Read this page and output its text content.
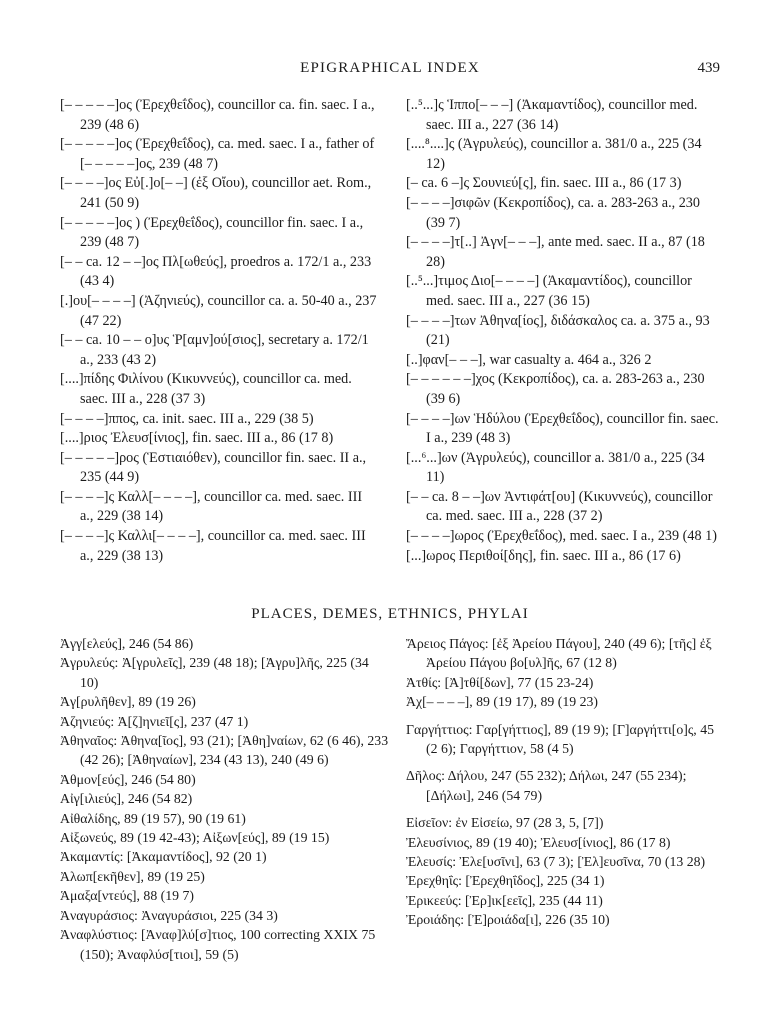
EPIGRAPHICAL INDEX	439

[– – – – –]ος (Ἐρεχθεΐδος), councillor ca. fin. saec. I a., 239 (48 6)

[– – – – –]ος (Ἐρεχθεΐδος), ca. med. saec. I a., father of [– – – – –]ος, 239 (48 7)

[– – – –]ος Εὐ[.]ο[– –] (ἐξ Οἴου), councillor aet. Rom., 241 (50 9)

[– – – – –]ος ) (Ἐρεχθεΐδος), councillor fin. saec. I a., 239 (48 7)

[– – ca. 12 – –]ος Πλ[ωθεύς], proedros a. 172/1 a., 233 (43 4)

[.]ου[– – – –] (Ἀζηνιεύς), councillor ca. a. 50-40 a., 237 (47 22)

[– – ca. 10 – – ο]υς Ῥ[αμν]ού[σιος], secretary a. 172/1 a., 233 (43 2)

[....]πίδης Φιλίνου (Κικυννεύς), councillor ca. med. saec. III a., 228 (37 3)

[– – – –]ππος, ca. init. saec. III a., 229 (38 5)

[....]ριος Ἐλευσ[ίνιος], fin. saec. III a., 86 (17 8)

[– – – – –]ρος (Ἑστιαιόθεν), councillor fin. saec. II a., 235 (44 9)

[– – – –]ς Καλλ[– – – –], councillor ca. med. saec. III a., 229 (38 14)

[– – – –]ς Καλλι[– – – –], councillor ca. med. saec. III a., 229 (38 13)

[..⁵...]ς Ἱππο[– – –] (Ἀκαμαντίδος), councillor med. saec. III a., 227 (36 14)

[....⁸....]ς (Ἀγρυλεύς), councillor a. 381/0 a., 225 (34 12)

[– ca. 6 –]ς Σουνιεύ[ς], fin. saec. III a., 86 (17 3)

[– – – –]σιφῶν (Κεκροπίδος), ca. a. 283-263 a., 230 (39 7)

[– – – –]τ[..] Ἀγν[– – –], ante med. saec. II a., 87 (18 28)

[..⁵...]τιμος Διο[– – – –] (Ἀκαμαντίδος), councillor med. saec. III a., 227 (36 15)

[– – – –]των Ἀθηνα[ίος], διδάσκαλος ca. a. 375 a., 93 (21)

[..]φαν[– – –], war casualty a. 464 a., 326 2

[– – – – – –]χος (Κεκροπίδος), ca. a. 283-263 a., 230 (39 6)

[– – – –]ων Ἡδύλου (Ἐρεχθεΐδος), councillor fin. saec. I a., 239 (48 3)

[...⁶...]ων (Ἀγρυλεύς), councillor a. 381/0 a., 225 (34 11)

[– – ca. 8 – –]ων Ἀντιφάτ[ου] (Κικυννεύς), councillor ca. med. saec. III a., 228 (37 2)

[– – – –]ωρος (Ἐρεχθεΐδος), med. saec. I a., 239 (48 1)

[...]ωρος Περιθοί[δης], fin. saec. III a., 86 (17 6)

PLACES, DEMES, ETHNICS, PHYLAI

Ἀγγ[ελεύς], 246 (54 86)

Ἀγρυλεύς: Ἀ[γρυλεῖς], 239 (48 18); [Ἀγρυ]λῆς, 225 (34 10)

Ἀγ[ρυλῆθεν], 89 (19 26)

Ἀζηνιεύς: Ἀ[ζ]ηνιεῖ[ς], 237 (47 1)

Ἀθηναῖος: Ἀθηνα[ῖος], 93 (21); [Ἀθη]ναίων, 62 (6 46), 233 (42 26); [Ἀθηναίων], 234 (43 13), 240 (49 6)

Ἀθμον[εύς], 246 (54 80)

Αἰγ[ιλιεύς], 246 (54 82)

Αἰθαλίδης, 89 (19 57), 90 (19 61)

Αἰξωνεύς, 89 (19 42-43); Αἰξων[εύς], 89 (19 15)

Ἀκαμαντίς: [Ἀκαμαντίδος], 92 (20 1)

Ἀλωπ[εκῆθεν], 89 (19 25)

Ἁμαξα[ντεύς], 88 (19 7)

Ἀναγυράσιος: Ἀναγυράσιοι, 225 (34 3)

Ἀναφλύστιος: [Ἀναφ]λύ[σ]τιος, 100 correcting XXIX 75 (150); Ἀναφλύσ[τιοι], 59 (5)

Ἄρειος Πάγος: [ἐξ Ἀρείου Πάγου], 240 (49 6); [τῆς] ἐξ Ἀρείου Πάγου βο[υλ]ῆς, 67 (12 8)

Ἀτθίς: [Ἀ]τθί[δων], 77 (15 23-24)

Ἀχ[– – – –], 89 (19 17), 89 (19 23)

Γαργήττιος: Γαρ[γήττιος], 89 (19 9); [Γ]αργήττι[ο]ς, 45 (2 6); Γαργήττιον, 58 (4 5)

Δῆλος: Δήλου, 247 (55 232); Δήλωι, 247 (55 234); [Δήλωι], 246 (54 79)

Εἰσεῖον: ἐν Εἰσείω, 97 (28 3, 5, [7])

Ἐλευσίνιος, 89 (19 40); Ἐλευσ[ίνιος], 86 (17 8)

Ἐλευσίς: Ἐλε[υσῖνι], 63 (7 3); [Ἐλ]ευσῖνα, 70 (13 28)

Ἐρεχθηΐς: [Ἐρεχθηΐδος], 225 (34 1)

Ἐρικεεύς: [Ἐρ]ικ[εεῖς], 235 (44 11)

Ἐροιάδης: [Ἐ]ροιάδα[ι], 226 (35 10)
